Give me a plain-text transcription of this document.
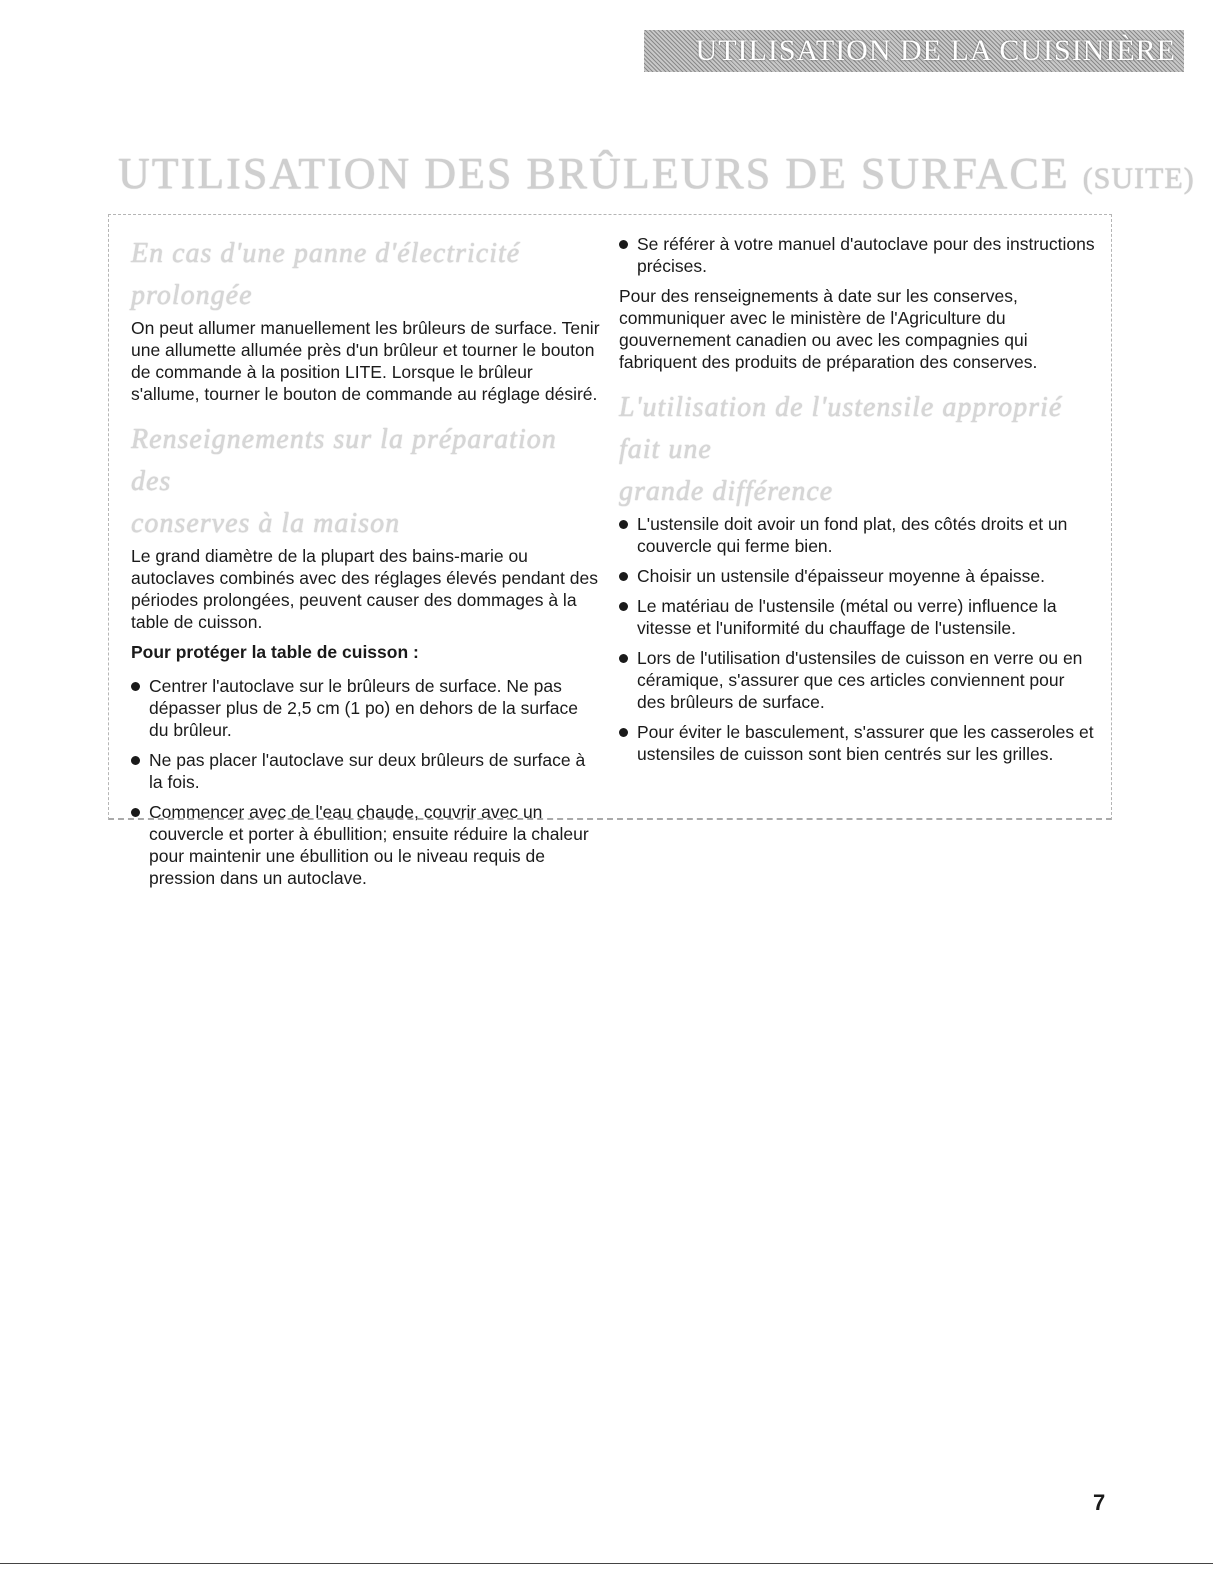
UTILISATION DE LA CUISINIÈRE
UTILISATION DES BRÛLEURS DE SURFACE (SUITE)
En cas d'une panne d'électricité prolongée

On peut allumer manuellement les brûleurs de surface. Tenir une allumette allumée près d'un brûleur et tourner le bouton de commande à la position LITE. Lorsque le brûleur s'allume, tourner le bouton de commande au réglage désiré.

Renseignements sur la préparation des
conserves à la maison

Le grand diamètre de la plupart des bains-marie ou autoclaves combinés avec des réglages élevés pendant des périodes prolongées, peuvent causer des dommages à la table de cuisson.

Pour protéger la table de cuisson :
Centrer l'autoclave sur le brûleurs de surface. Ne pas dépasser plus de 2,5 cm (1 po) en dehors de la surface du brûleur.
Ne pas placer l'autoclave sur deux brûleurs de surface à la fois.
Commencer avec de l'eau chaude, couvrir avec un couvercle et porter à ébullition; ensuite réduire la chaleur pour maintenir une ébullition ou le niveau requis de pression dans un autoclave.
Se référer à votre manuel d'autoclave pour des instructions précises.

Pour des renseignements à date sur les conserves, communiquer avec le ministère de l'Agriculture du gouvernement canadien ou avec les compagnies qui fabriquent des produits de préparation des conserves.

L'utilisation de l'ustensile approprié fait une
grande différence
L'ustensile doit avoir un fond plat, des côtés droits et un couvercle qui ferme bien.
Choisir un ustensile d'épaisseur moyenne à épaisse.
Le matériau de l'ustensile (métal ou verre) influence la vitesse et l'uniformité du chauffage de l'ustensile.
Lors de l'utilisation d'ustensiles de cuisson en verre ou en céramique, s'assurer que ces articles conviennent pour des brûleurs de surface.
Pour éviter le basculement, s'assurer que les casseroles et ustensiles de cuisson sont bien centrés sur les grilles.
7
